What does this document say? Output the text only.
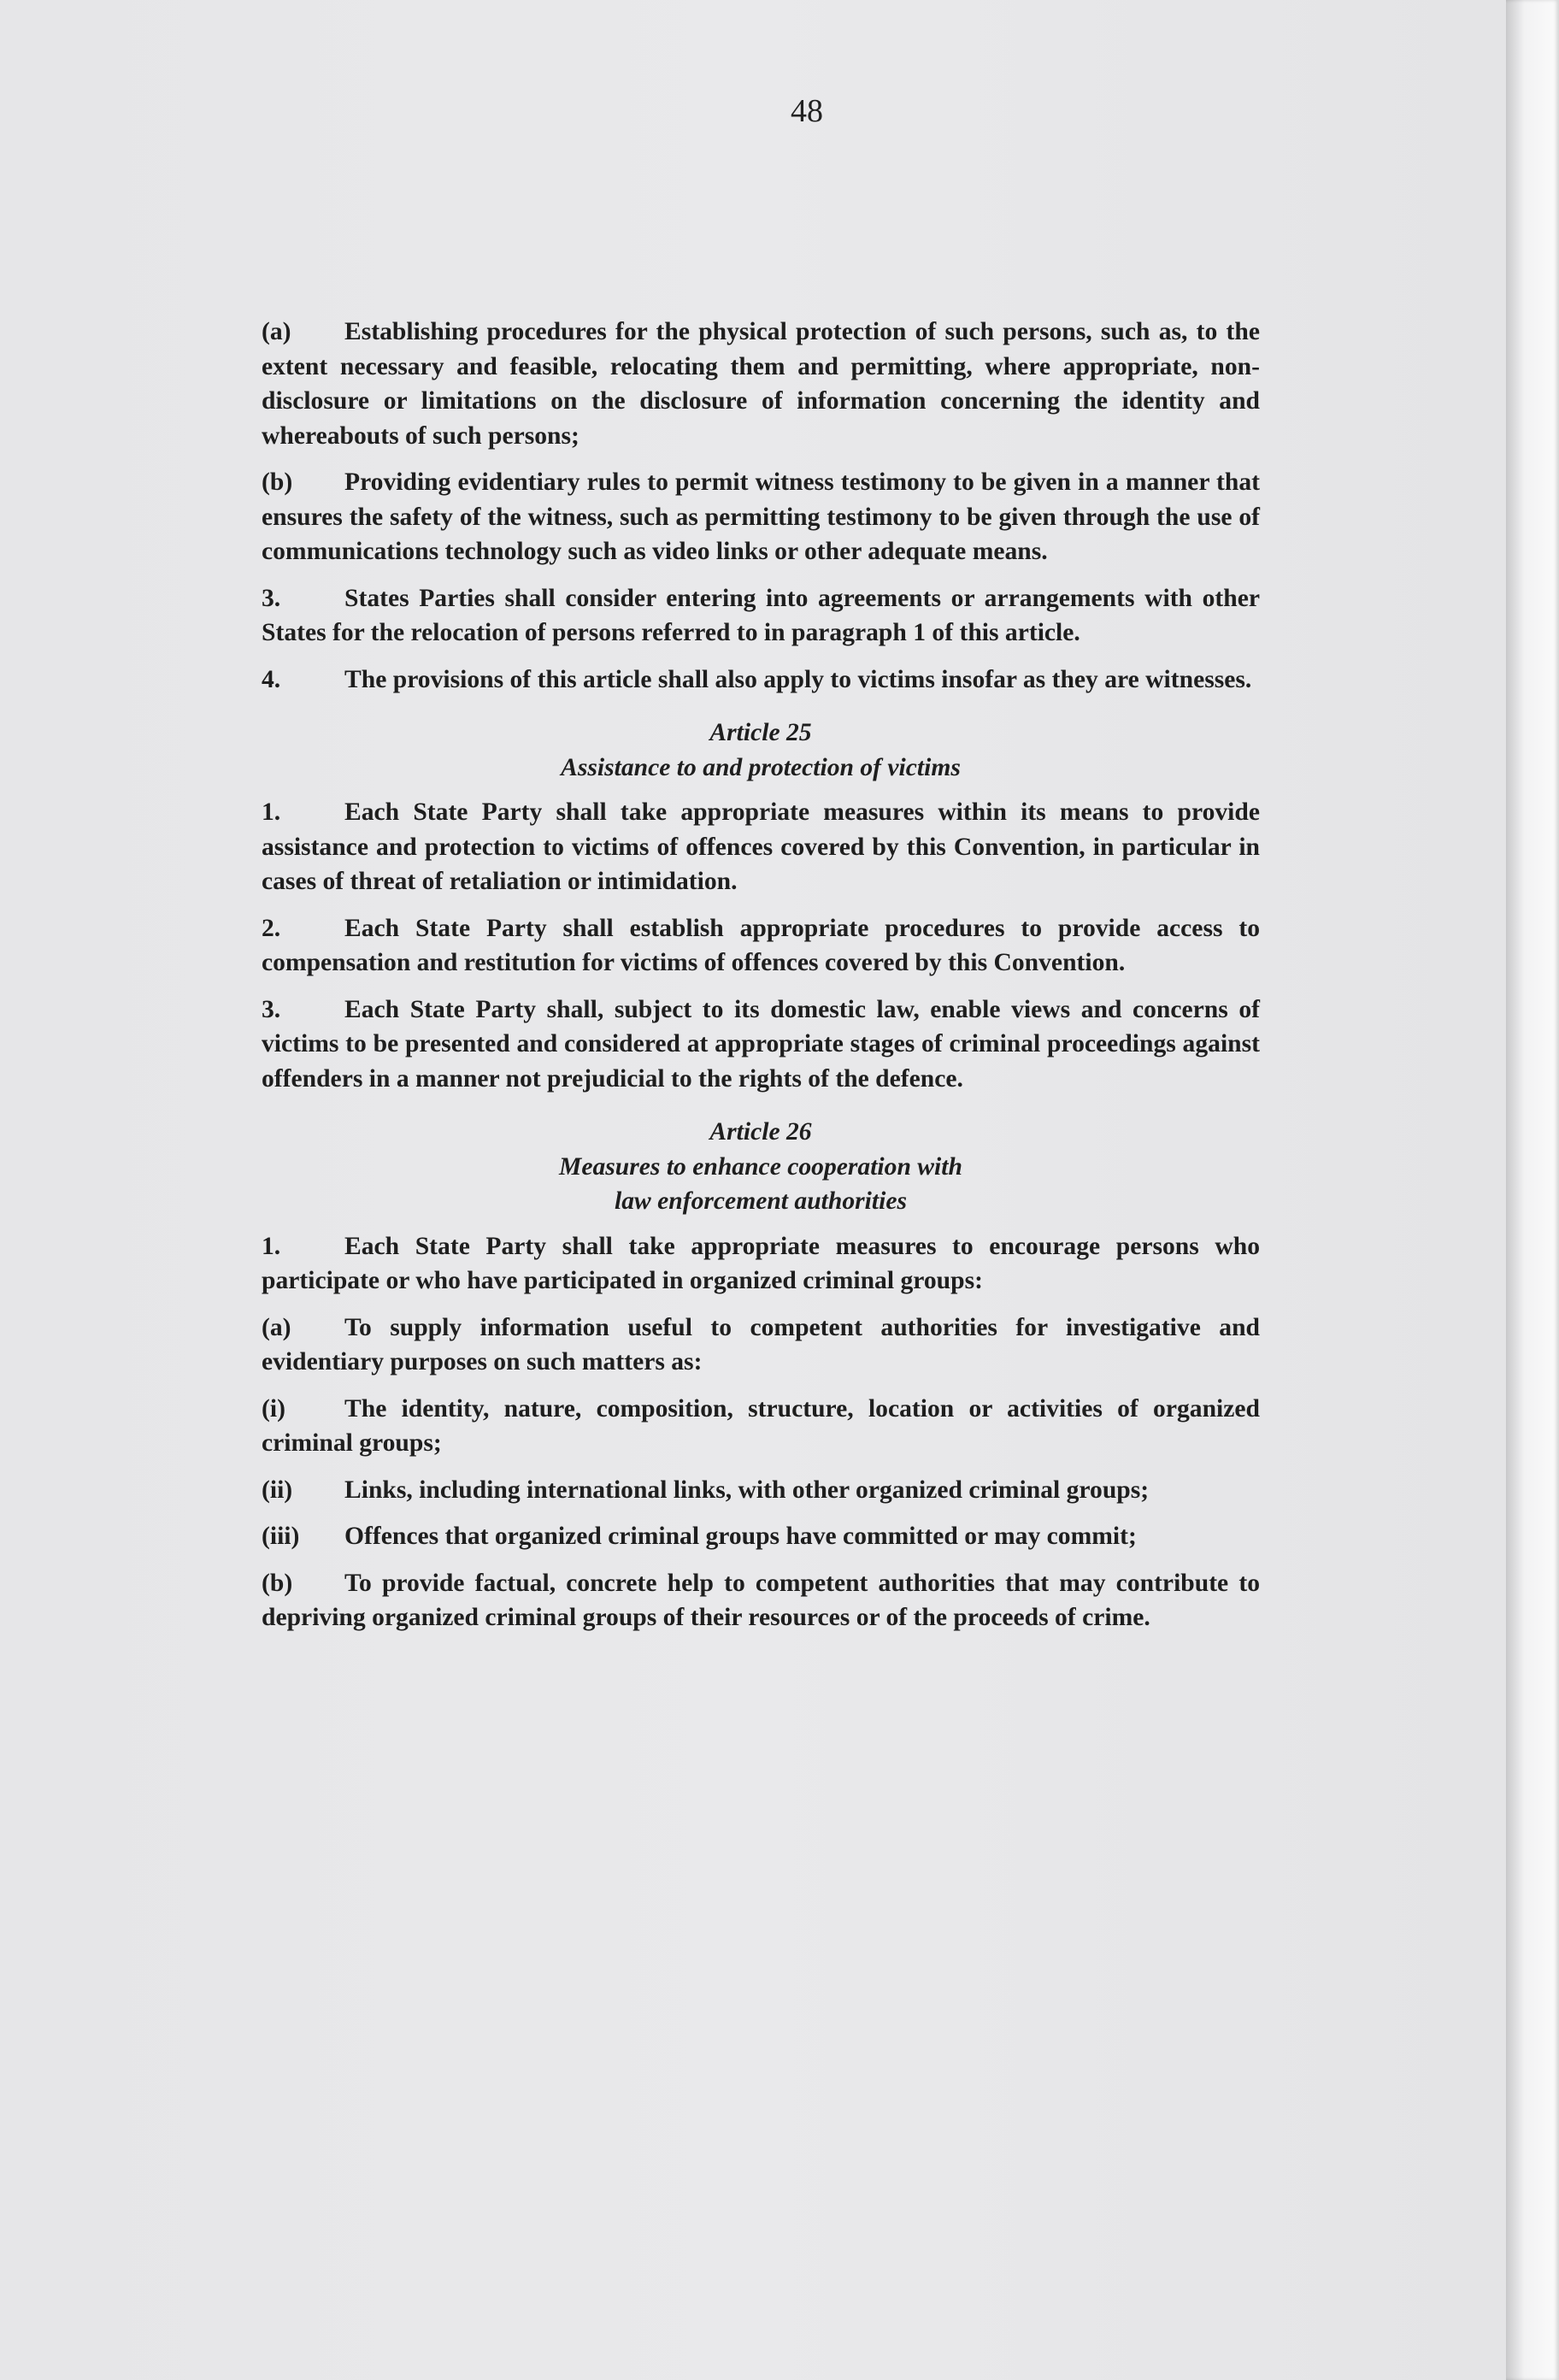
48

(a) Establishing procedures for the physical protection of such persons, such as, to the extent necessary and feasible, relocating them and permitting, where appropriate, non-disclosure or limitations on the disclosure of information concerning the identity and whereabouts of such persons;

(b) Providing evidentiary rules to permit witness testimony to be given in a manner that ensures the safety of the witness, such as permitting testimony to be given through the use of communications technology such as video links or other adequate means.

3.	States Parties shall consider entering into agreements or arrangements with other States for the relocation of persons referred to in paragraph 1 of this article.

4.	The provisions of this article shall also apply to victims insofar as they are witnesses.

Article 25

Assistance to and protection of victims

1.	Each State Party shall take appropriate measures within its means to provide assistance and protection to victims of offences covered by this Convention, in particular in cases of threat of retaliation or intimidation.

2.	Each State Party shall establish appropriate procedures to provide access to compensation and restitution for victims of offences covered by this Convention.

3.	Each State Party shall, subject to its domestic law, enable views and concerns of victims to be presented and considered at appropriate stages of criminal proceedings against offenders in a manner not prejudicial to the rights of the defence.

Article 26

Measures to enhance cooperation with

law enforcement authorities

1.	Each State Party shall take appropriate measures to encourage persons who participate or who have participated in organized criminal groups:

(a) To supply information useful to competent authorities for investigative and evidentiary purposes on such matters as:

(i) The identity, nature, composition, structure, location or activities of organized criminal groups;

(ii) Links, including international links, with other organized criminal groups;

(iii) Offences that organized criminal groups have committed or may commit;

(b) To provide factual, concrete help to competent authorities that may contribute to depriving organized criminal groups of their resources or of the proceeds of crime.
